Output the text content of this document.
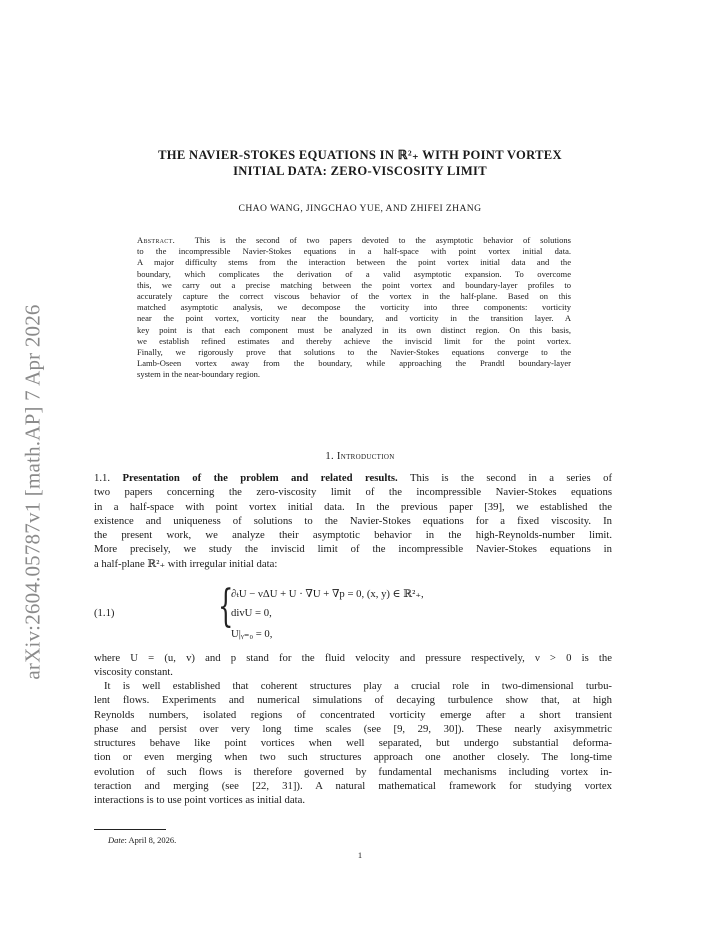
arXiv:2604.05787v1 [math.AP] 7 Apr 2026
THE NAVIER-STOKES EQUATIONS IN ℝ²₊ WITH POINT VORTEX
INITIAL DATA: ZERO-VISCOSITY LIMIT
CHAO WANG, JINGCHAO YUE, AND ZHIFEI ZHANG
Abstract. This is the second of two papers devoted to the asymptotic behavior of solutions
to the incompressible Navier-Stokes equations in a half-space with point vortex initial data.
A major difficulty stems from the interaction between the point vortex initial data and the
boundary, which complicates the derivation of a valid asymptotic expansion. To overcome
this, we carry out a precise matching between the point vortex and boundary-layer profiles to
accurately capture the correct viscous behavior of the vortex in the half-plane. Based on this
matched asymptotic analysis, we decompose the vorticity into three components: vorticity
near the point vortex, vorticity near the boundary, and vorticity in the transition layer. A
key point is that each component must be analyzed in its own distinct region. On this basis,
we establish refined estimates and thereby achieve the inviscid limit for the point vortex.
Finally, we rigorously prove that solutions to the Navier-Stokes equations converge to the
Lamb-Oseen vortex away from the boundary, while approaching the Prandtl boundary-layer
system in the near-boundary region.
1. Introduction
1.1. Presentation of the problem and related results. This is the second in a series of
two papers concerning the zero-viscosity limit of the incompressible Navier-Stokes equations
in a half-space with point vortex initial data. In the previous paper [39], we established the
existence and uniqueness of solutions to the Navier-Stokes equations for a fixed viscosity. In
the present work, we analyze their asymptotic behavior in the high-Reynolds-number limit.
More precisely, we study the inviscid limit of the incompressible Navier-Stokes equations in
a half-plane ℝ²₊ with irregular initial data:
(1.1) {
∂ₜU − νΔU + U · ∇U + ∇p = 0, (x, y) ∈ ℝ²₊,
divU = 0,
U|ᵧ₌₀ = 0,
where U = (u, v) and p stand for the fluid velocity and pressure respectively, ν > 0 is the
viscosity constant.
It is well established that coherent structures play a crucial role in two-dimensional turbu-
lent flows. Experiments and numerical simulations of decaying turbulence show that, at high
Reynolds numbers, isolated regions of concentrated vorticity emerge after a short transient
phase and persist over very long time scales (see [9, 29, 30]). These nearly axisymmetric
structures behave like point vortices when well separated, but undergo substantial deforma-
tion or even merging when two such structures approach one another closely. The long-time
evolution of such flows is therefore governed by fundamental mechanisms including vortex in-
teraction and merging (see [22, 31]). A natural mathematical framework for studying vortex
interactions is to use point vortices as initial data.
Date: April 8, 2026.
1
